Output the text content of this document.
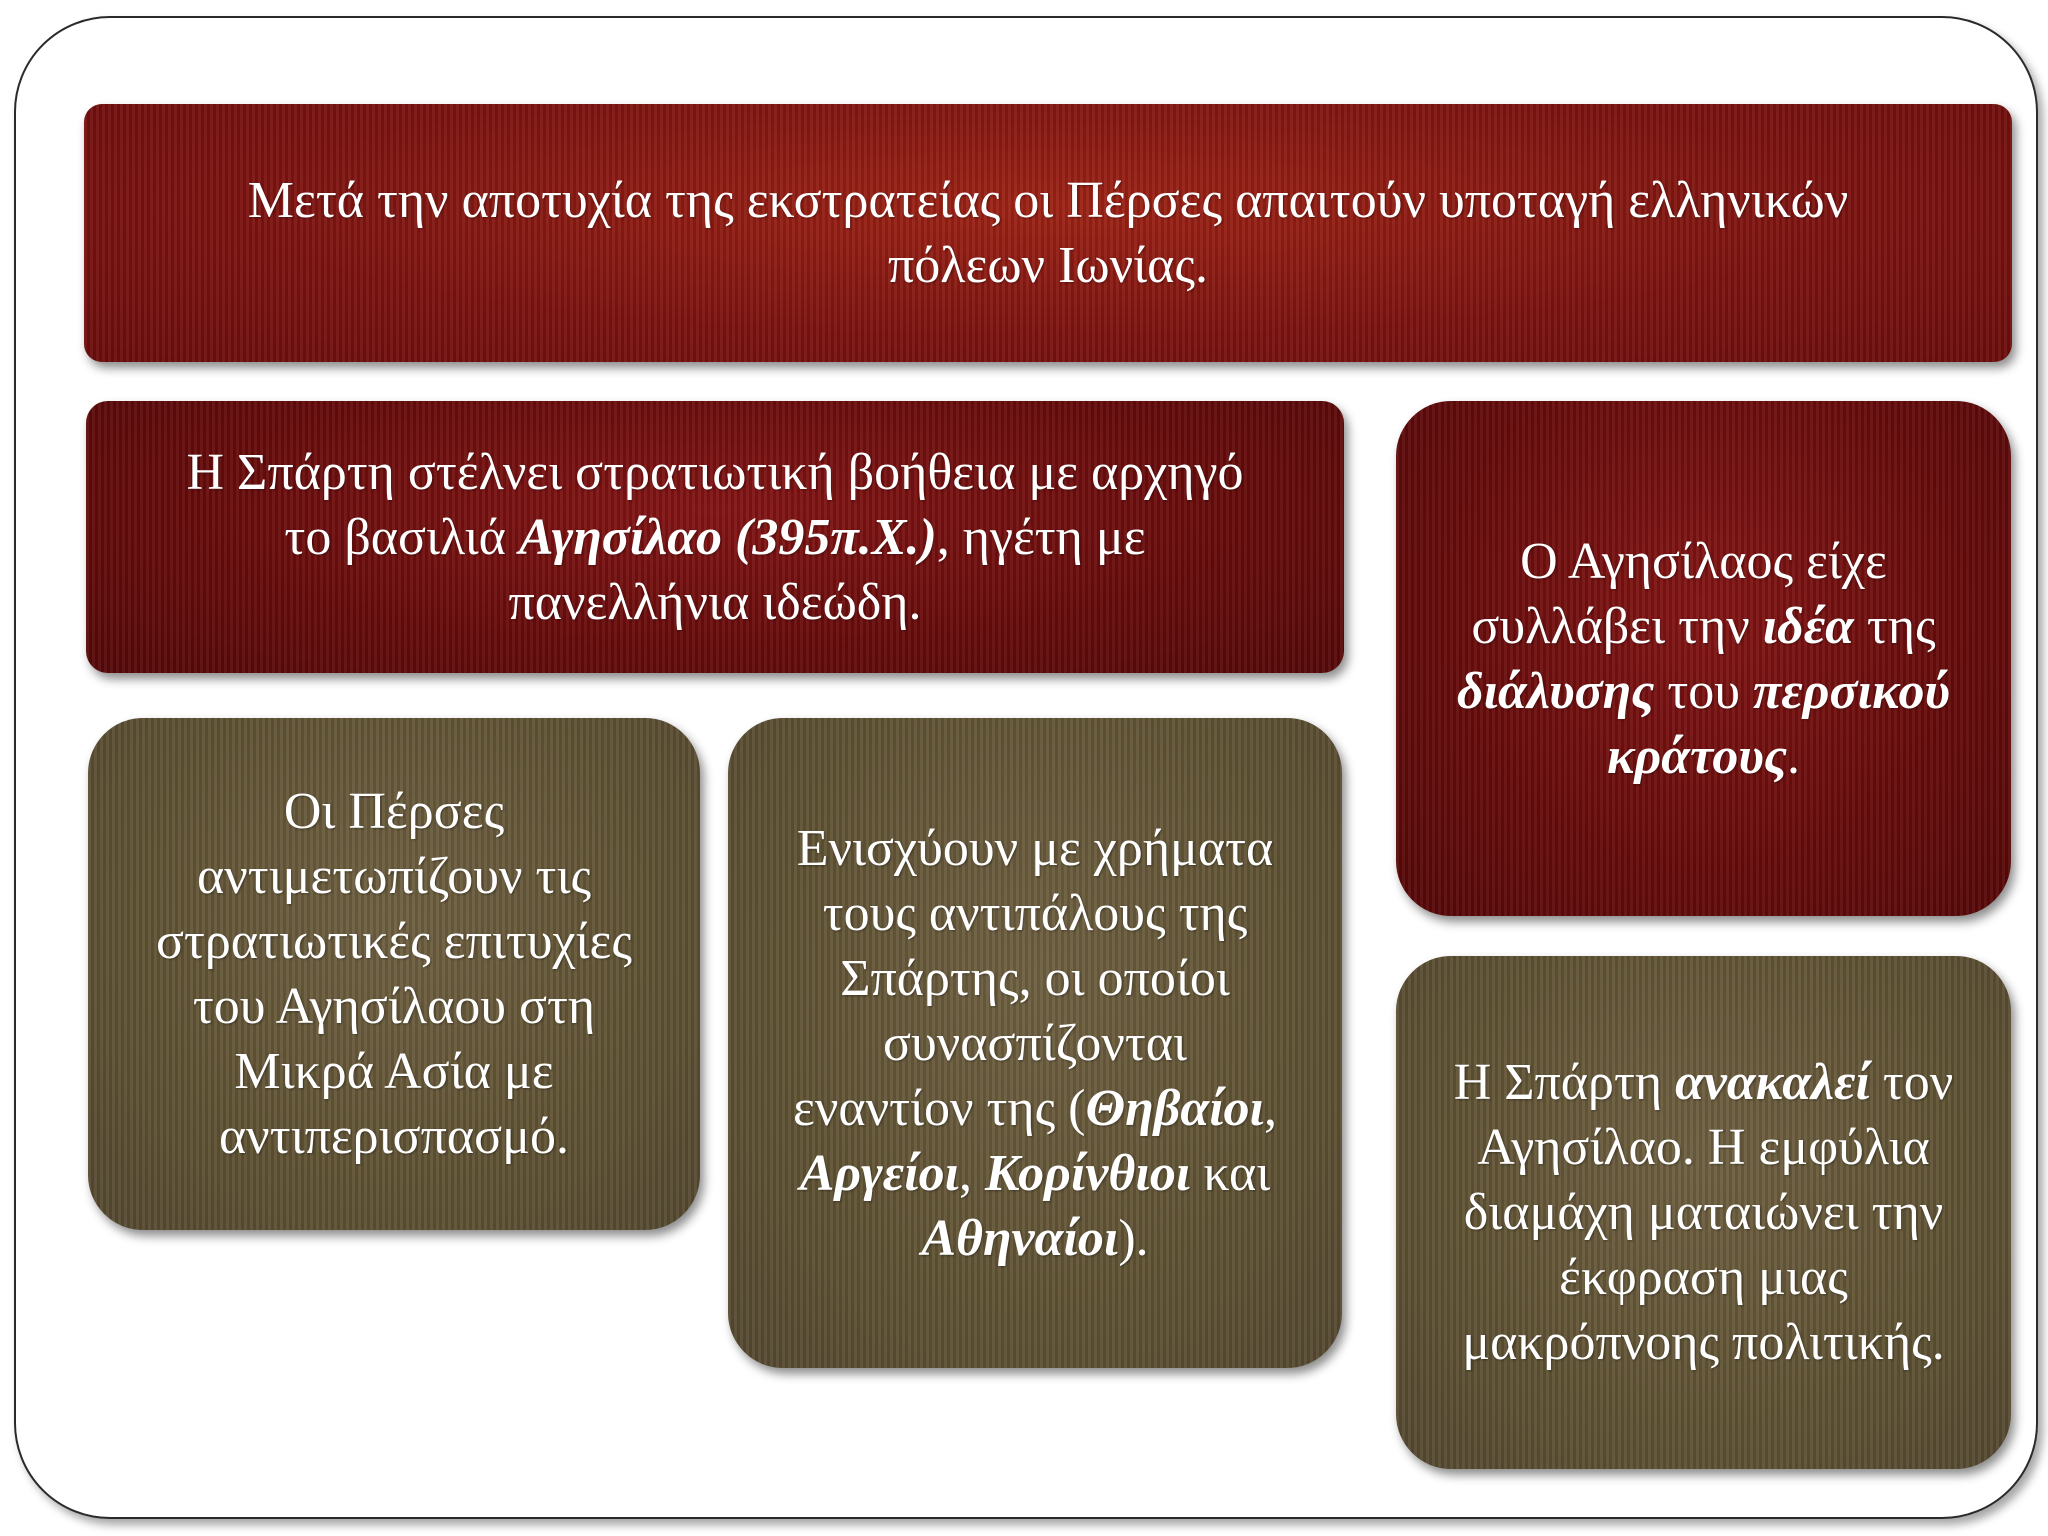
Μετά την αποτυχία της εκστρατείας οι Πέρσες απαιτούν υποταγή ελληνικών

πόλεων Ιωνίας.

Η Σπάρτη στέλνει στρατιωτική βοήθεια με αρχηγό

το βασιλιά Αγησίλαο (395π.Χ.), ηγέτη με

πανελλήνια ιδεώδη.

Ο Αγησίλαος είχε

συλλάβει την ιδέα της

διάλυσης του περσικού

κράτους.

Οι Πέρσες

αντιμετωπίζουν τις

στρατιωτικές επιτυχίες

του Αγησίλαου στη

Μικρά Ασία με

αντιπερισπασμό.

Ενισχύουν με χρήματα

τους αντιπάλους της

Σπάρτης, οι οποίοι

συνασπίζονται

εναντίον της (Θηβαίοι,

Αργείοι, Κορίνθιοι και

Αθηναίοι).

Η Σπάρτη ανακαλεί τον

Αγησίλαο. Η εμφύλια

διαμάχη ματαιώνει την

έκφραση μιας

μακρόπνοης πολιτικής.
